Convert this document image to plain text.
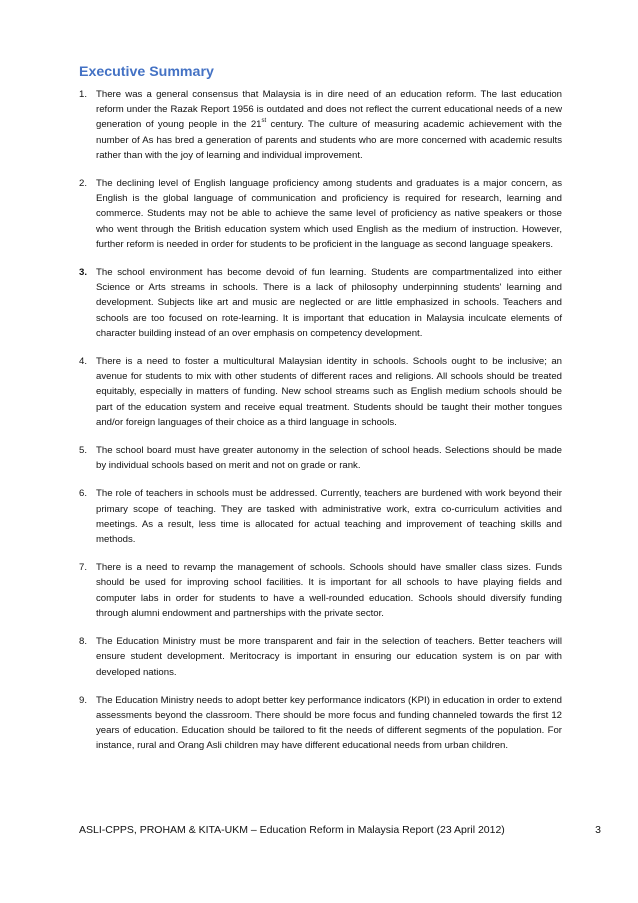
Executive Summary
1. There was a general consensus that Malaysia is in dire need of an education reform. The last education reform under the Razak Report 1956 is outdated and does not reflect the current educational needs of a new generation of young people in the 21st century. The culture of measuring academic achievement with the number of As has bred a generation of parents and students who are more concerned with academic results rather than with the joy of learning and individual improvement.
2. The declining level of English language proficiency among students and graduates is a major concern, as English is the global language of communication and proficiency is required for research, learning and commerce. Students may not be able to achieve the same level of proficiency as native speakers or those who went through the British education system which used English as the medium of instruction. However, further reform is needed in order for students to be proficient in the language as second language speakers.
3. The school environment has become devoid of fun learning. Students are compartmentalized into either Science or Arts streams in schools. There is a lack of philosophy underpinning students' learning and development. Subjects like art and music are neglected or are little emphasized in schools. Teachers and schools are too focused on rote-learning. It is important that education in Malaysia inculcate elements of character building instead of an over emphasis on competency development.
4. There is a need to foster a multicultural Malaysian identity in schools. Schools ought to be inclusive; an avenue for students to mix with other students of different races and religions. All schools should be treated equitably, especially in matters of funding. New school streams such as English medium schools should be part of the education system and receive equal treatment. Students should be taught their mother tongues and/or foreign languages of their choice as a third language in schools.
5. The school board must have greater autonomy in the selection of school heads. Selections should be made by individual schools based on merit and not on grade or rank.
6. The role of teachers in schools must be addressed. Currently, teachers are burdened with work beyond their primary scope of teaching. They are tasked with administrative work, extra co-curriculum activities and meetings. As a result, less time is allocated for actual teaching and improvement of teaching skills and methods.
7. There is a need to revamp the management of schools. Schools should have smaller class sizes. Funds should be used for improving school facilities. It is important for all schools to have playing fields and computer labs in order for students to have a well-rounded education. Schools should diversify funding through alumni endowment and partnerships with the private sector.
8. The Education Ministry must be more transparent and fair in the selection of teachers. Better teachers will ensure student development. Meritocracy is important in ensuring our education system is on par with developed nations.
9. The Education Ministry needs to adopt better key performance indicators (KPI) in education in order to extend assessments beyond the classroom. There should be more focus and funding channeled towards the first 12 years of education. Education should be tailored to fit the needs of different segments of the population. For instance, rural and Orang Asli children may have different educational needs from urban children.
ASLI-CPPS, PROHAM & KITA-UKM – Education Reform in Malaysia Report (23 April 2012)	3
